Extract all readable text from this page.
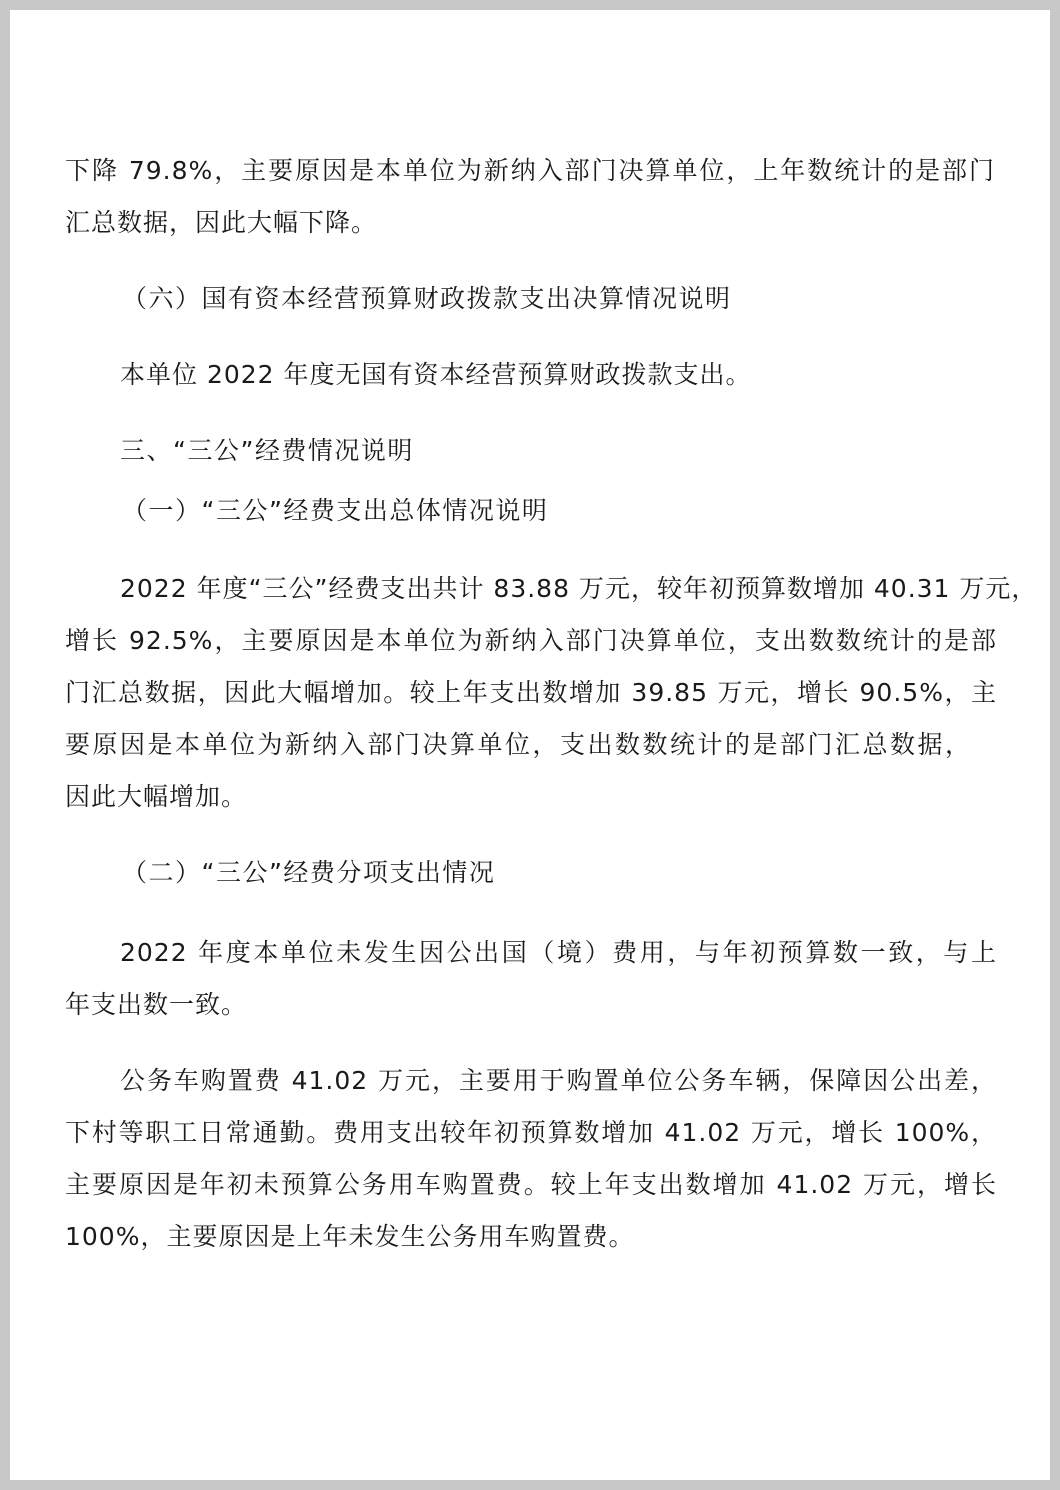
下降 79.8%，主要原因是本单位为新纳入部门决算单位，上年数统计的是部门
汇总数据，因此大幅下降。
（六）国有资本经营预算财政拨款支出决算情况说明
本单位 2022 年度无国有资本经营预算财政拨款支出。
三、“三公”经费情况说明
（一）“三公”经费支出总体情况说明
2022 年度“三公”经费支出共计 83.88 万元，较年初预算数增加 40.31 万元，
增长 92.5%，主要原因是本单位为新纳入部门决算单位，支出数数统计的是部
门汇总数据，因此大幅增加。较上年支出数增加 39.85 万元，增长 90.5%，主
要原因是本单位为新纳入部门决算单位，支出数数统计的是部门汇总数据，
因此大幅增加。
（二）“三公”经费分项支出情况
2022 年度本单位未发生因公出国（境）费用，与年初预算数一致，与上
年支出数一致。
公务车购置费 41.02 万元，主要用于购置单位公务车辆，保障因公出差，
下村等职工日常通勤。费用支出较年初预算数增加 41.02 万元，增长 100%，
主要原因是年初未预算公务用车购置费。较上年支出数增加 41.02 万元，增长
100%，主要原因是上年未发生公务用车购置费。
